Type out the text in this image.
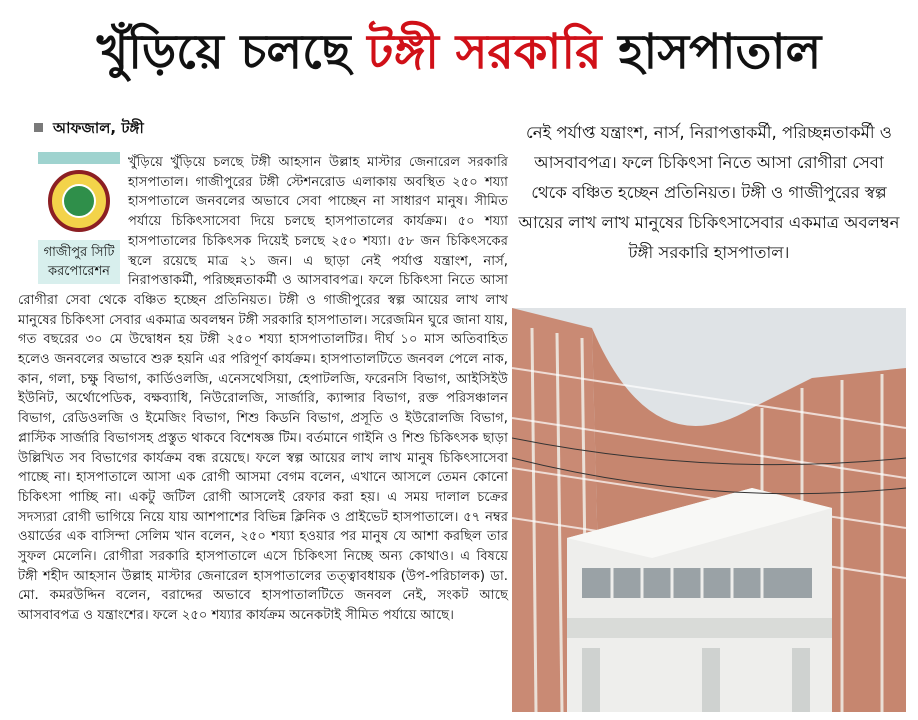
খুঁড়িয়ে চলছে টঙ্গী সরকারি হাসপাতাল
আফজাল, টঙ্গী
গাজীপুর সিটি করপোরেশন
খুঁড়িয়ে খুঁড়িয়ে চলছে টঙ্গী আহসান উল্লাহ মাস্টার জেনারেল সরকারি হাসপাতাল। গাজীপুরের টঙ্গী স্টেশনরোড এলাকায় অবস্থিত ২৫০ শয্যা হাসপাতালে জনবলের অভাবে সেবা পাচ্ছেন না সাধারণ মানুষ। সীমিত পর্যায়ে চিকিৎসাসেবা দিয়ে চলছে হাসপাতালের কার্যক্রম। ৫০ শয্যা হাসপাতালের চিকিৎসক দিয়েই চলছে ২৫০ শয্যা। ৫৮ জন চিকিৎসকের স্থলে রয়েছে মাত্র ২১ জন। এ ছাড়া নেই পর্যাপ্ত যন্ত্রাংশ, নার্স, নিরাপত্তাকর্মী, পরিচ্ছন্নতাকর্মী ও আসবাবপত্র। ফলে চিকিৎসা নিতে আসা রোগীরা সেবা থেকে বঞ্চিত হচ্ছেন প্রতিনিয়ত। টঙ্গী ও গাজীপুরের স্বল্প আয়ের লাখ লাখ মানুষের চিকিৎসা সেবার একমাত্র অবলম্বন টঙ্গী সরকারি হাসপাতাল। সরেজমিন ঘুরে জানা যায়, গত বছরের ৩০ মে উদ্বোধন হয় টঙ্গী ২৫০ শয্যা হাসপাতালটির। দীর্ঘ ১০ মাস অতিবাহিত হলেও জনবলের অভাবে শুরু হয়নি এর পরিপূর্ণ কার্যক্রম। হাসপাতালটিতে জনবল পেলে নাক, কান, গলা, চক্ষু বিভাগ, কার্ডিওলজি, এনেসথেসিয়া, হেপাটলজি, ফরেনসি বিভাগ, আইসিইউ ইউনিট, অর্থোপেডিক, বক্ষব্যাধি, নিউরোলজি, সার্জারি, ক্যান্সার বিভাগ, রক্ত পরিসঞ্চালন বিভাগ, রেডিওলজি ও ইমেজিং বিভাগ, শিশু কিডনি বিভাগ, প্রসূতি ও ইউরোলজি বিভাগ, প্লাস্টিক সার্জারি বিভাগসহ প্রস্তুত থাকবে বিশেষজ্ঞ টিম। বর্তমানে গাইনি ও শিশু চিকিৎসক ছাড়া উল্লিখিত সব বিভাগের কার্যক্রম বন্ধ রয়েছে। ফলে স্বল্প আয়ের লাখ লাখ মানুষ চিকিৎসাসেবা পাচ্ছে না। হাসপাতালে আসা এক রোগী আসমা বেগম বলেন, এখানে আসলে তেমন কোনো চিকিৎসা পাচ্ছি না। একটু জটিল রোগী আসলেই রেফার করা হয়। এ সময় দালাল চক্রের সদস্যরা রোগী ভাগিয়ে নিয়ে যায় আশপাশের বিভিন্ন ক্লিনিক ও প্রাইভেট হাসপাতালে। ৫৭ নম্বর ওয়ার্ডের এক বাসিন্দা সেলিম খান বলেন, ২৫০ শয্যা হওয়ার পর মানুষ যে আশা করছিল তার সুফল মেলেনি। রোগীরা সরকারি হাসপাতালে এসে চিকিৎসা নিচ্ছে অন্য কোথাও। এ বিষয়ে টঙ্গী শহীদ আহসান উল্লাহ মাস্টার জেনারেল হাসপাতালের তত্ত্বাবধায়ক (উপ-পরিচালক) ডা. মো. কমরউদ্দিন বলেন, বরাদ্দের অভাবে হাসপাতালটিতে জনবল নেই, সংকট আছে আসবাবপত্র ও যন্ত্রাংশের। ফলে ২৫০ শয্যার কার্যক্রম অনেকটাই সীমিত পর্যায়ে আছে।
নেই পর্যাপ্ত যন্ত্রাংশ, নার্স, নিরাপত্তাকর্মী, পরিচ্ছন্নতাকর্মী ও আসবাবপত্র। ফলে চিকিৎসা নিতে আসা রোগীরা সেবা থেকে বঞ্চিত হচ্ছেন প্রতিনিয়ত। টঙ্গী ও গাজীপুরের স্বল্প আয়ের লাখ লাখ মানুষের চিকিৎসাসেবার একমাত্র অবলম্বন টঙ্গী সরকারি হাসপাতাল।
